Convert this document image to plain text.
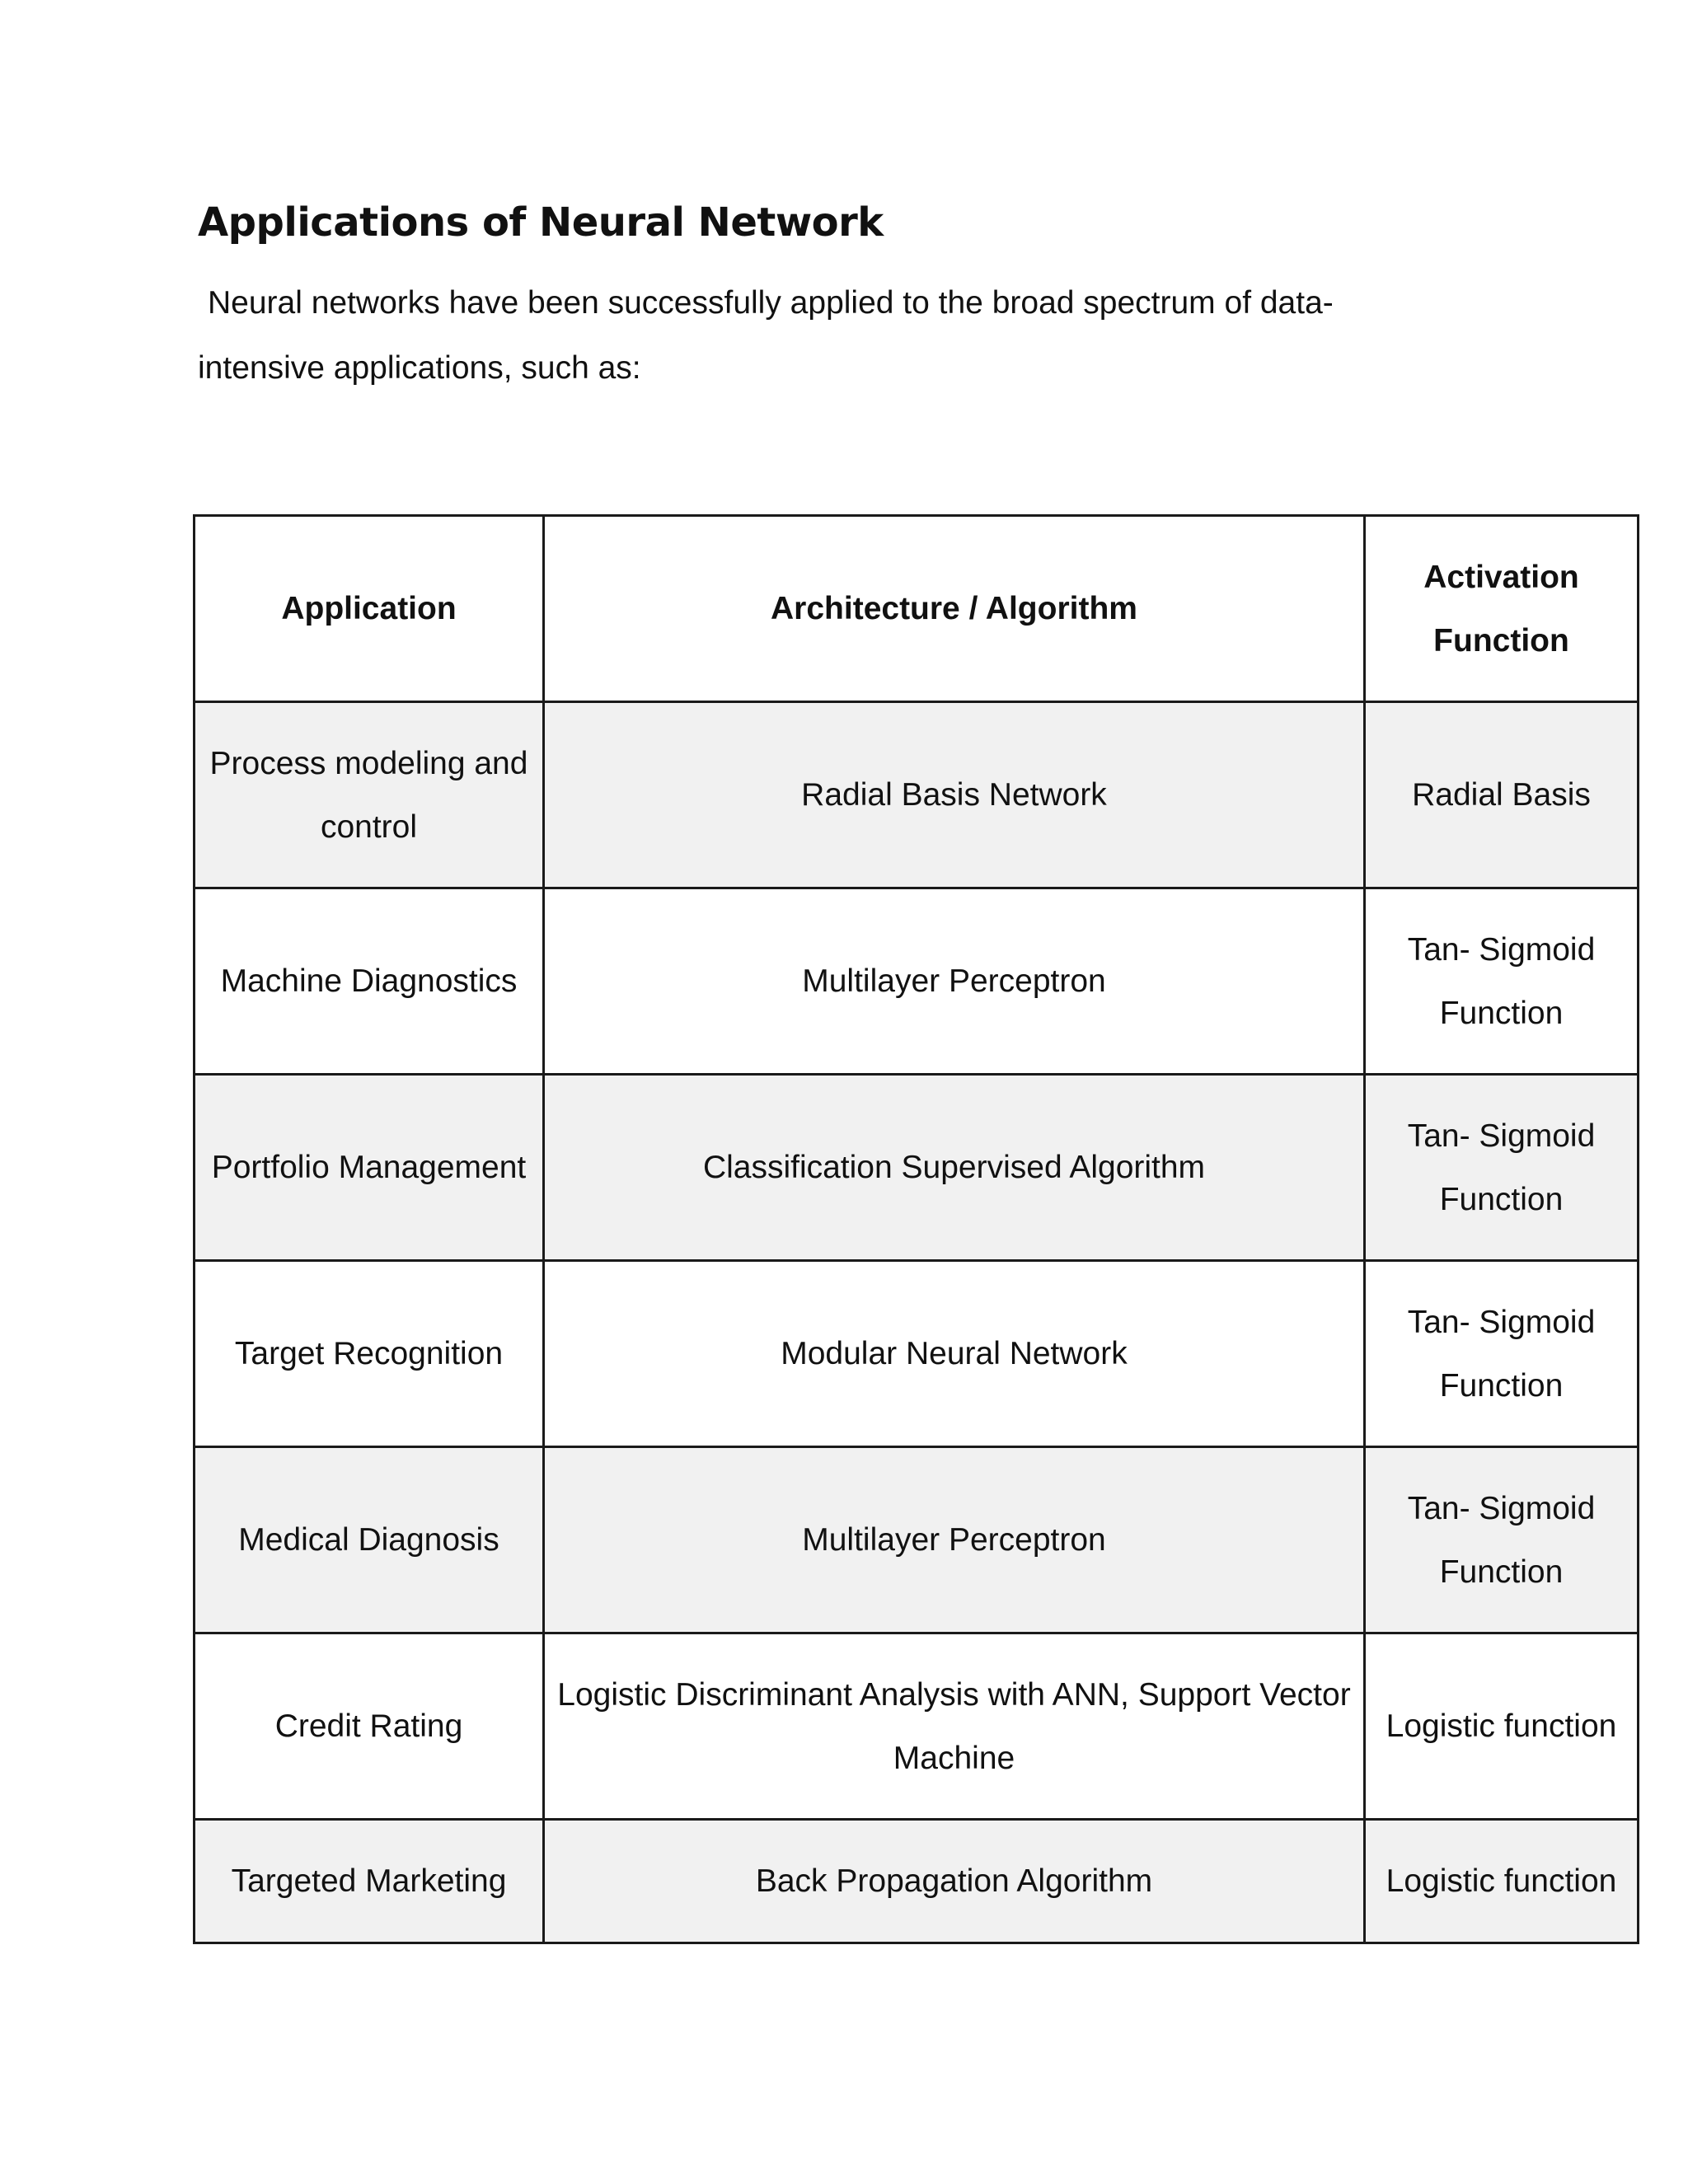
Applications of Neural Network

Neural networks have been successfully applied to the broad spectrum of data-intensive applications, such as:

Application	Architecture / Algorithm	Activation Function
Process modeling and control	Radial Basis Network	Radial Basis
Machine Diagnostics	Multilayer Perceptron	Tan- Sigmoid Function
Portfolio Management	Classification Supervised Algorithm	Tan- Sigmoid Function
Target Recognition	Modular Neural Network	Tan- Sigmoid Function
Medical Diagnosis	Multilayer Perceptron	Tan- Sigmoid Function
Credit Rating	Logistic Discriminant Analysis with ANN, Support Vector Machine	Logistic function
Targeted Marketing	Back Propagation Algorithm	Logistic function
